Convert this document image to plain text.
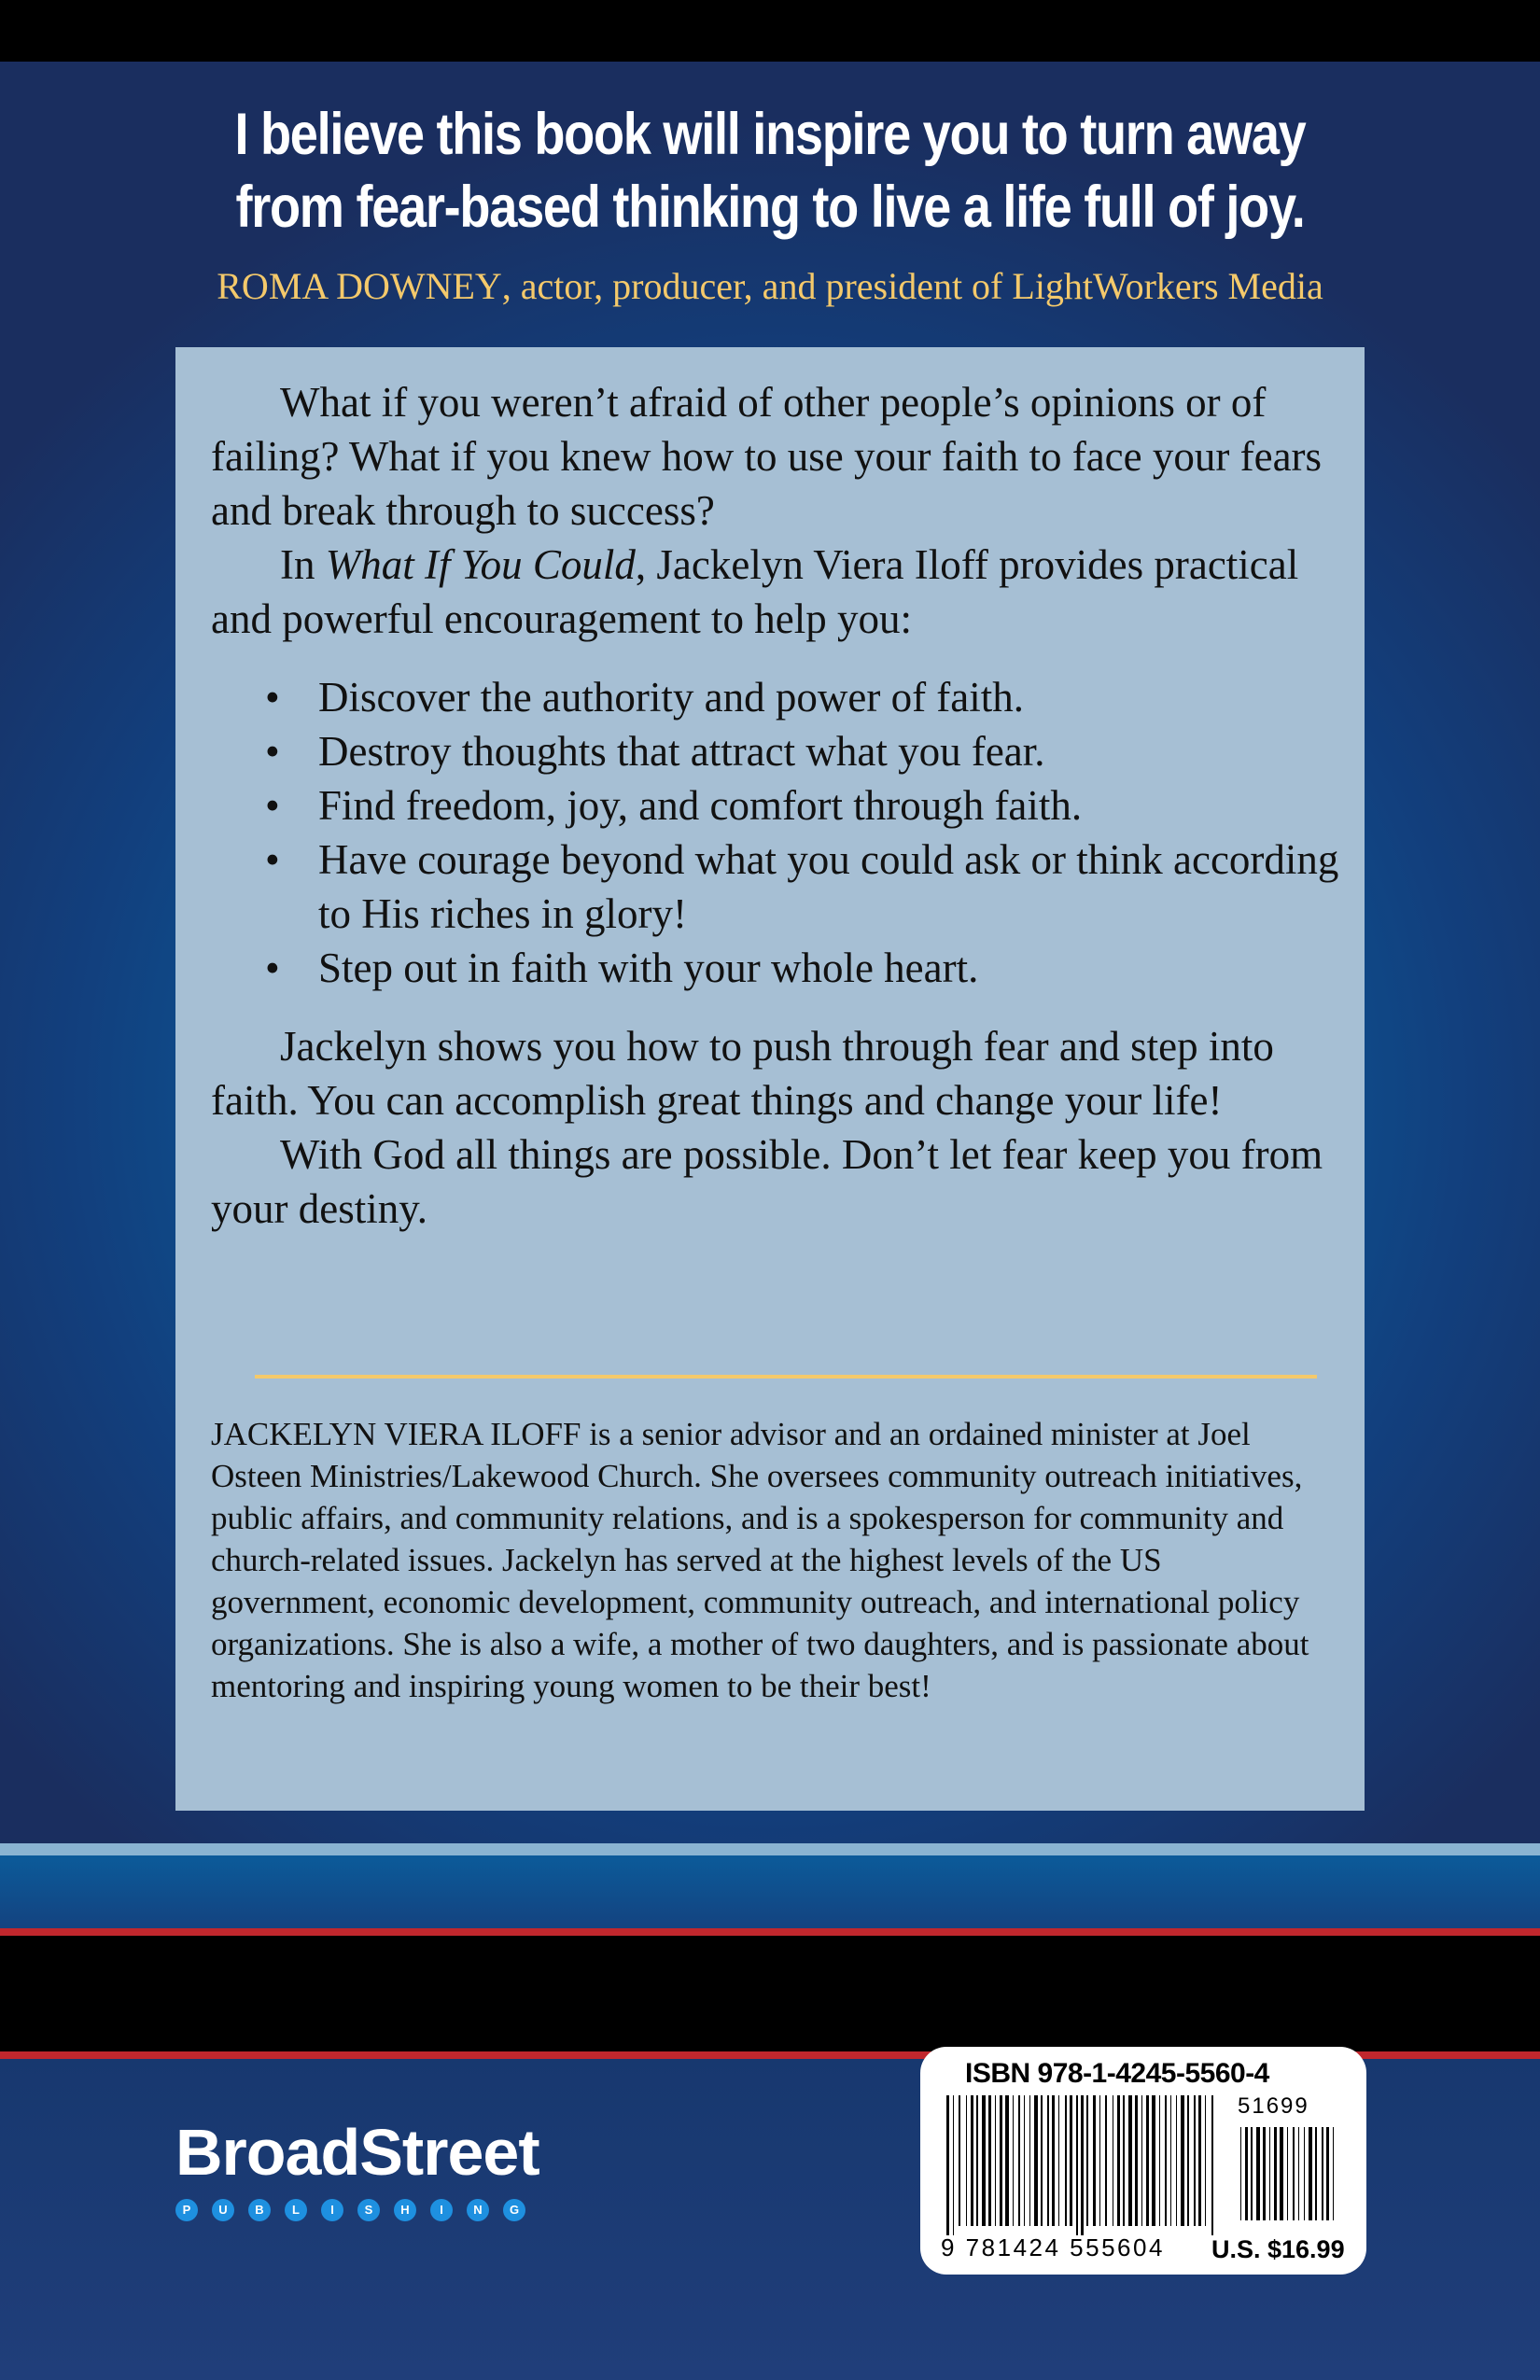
I believe this book will inspire you to turn away
from fear-based thinking to live a life full of joy.
ROMA DOWNEY, actor, producer, and president of LightWorkers Media

What if you weren’t afraid of other people’s opinions or of failing? What if you knew how to use your faith to face your fears and break through to success?

In What If You Could, Jackelyn Viera Iloff provides practical and powerful encouragement to help you:

• Discover the authority and power of faith.
• Destroy thoughts that attract what you fear.
• Find freedom, joy, and comfort through faith.
• Have courage beyond what you could ask or think according to His riches in glory!
• Step out in faith with your whole heart.

Jackelyn shows you how to push through fear and step into faith. You can accomplish great things and change your life!

With God all things are possible. Don’t let fear keep you from your destiny.

JACKELYN VIERA ILOFF is a senior advisor and an ordained minister at Joel Osteen Ministries/Lakewood Church. She oversees community outreach initiatives, public affairs, and community relations, and is a spokesperson for community and church-related issues. Jackelyn has served at the highest levels of the US government, economic development, community outreach, and international policy organizations. She is also a wife, a mother of two daughters, and is passionate about mentoring and inspiring young women to be their best!
BroadStreet
P	U	B	L	I	S	H	I	N	G
ISBN 978-1-4245-5560-4
51699
9 781424 555604 U.S. $16.99
